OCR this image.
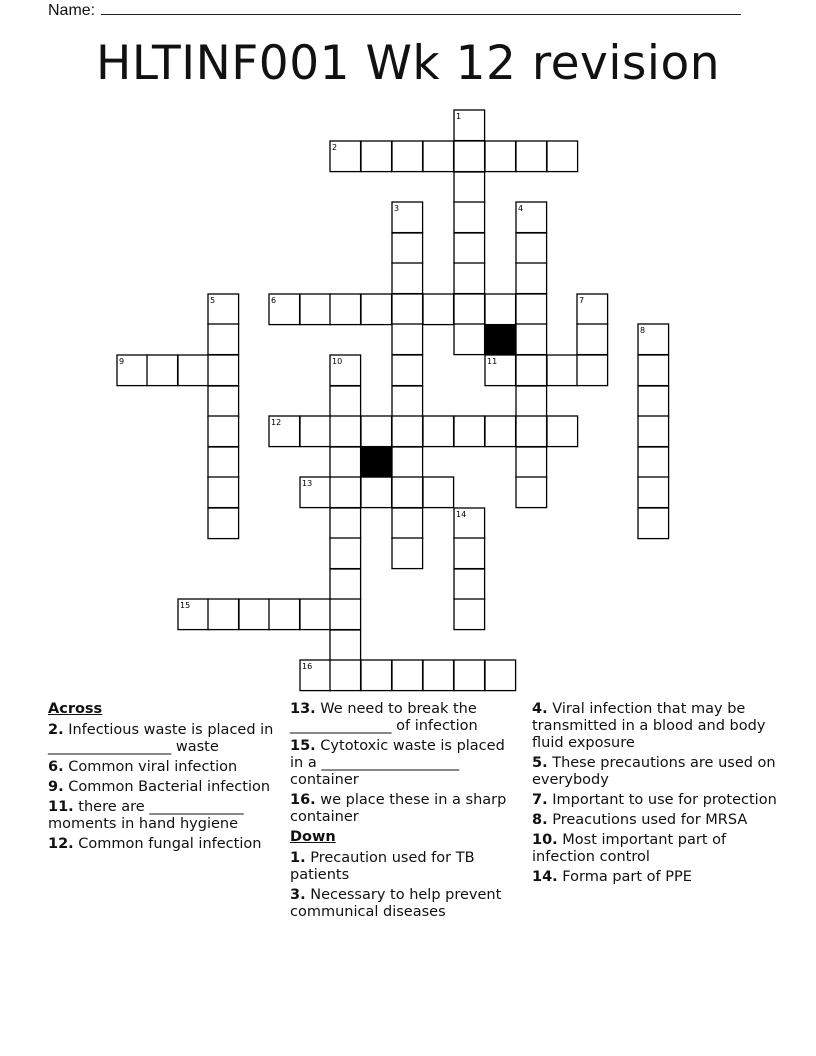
Name:
HLTINF001 Wk 12 revision
1
2
3	4
5	6	7
8
9	10	11
12
13
14
15
16
Across
2. Infectious waste is placed in _________________ waste
6. Common viral infection
9. Common Bacterial infection
11. there are _____________ moments in hand hygiene
12. Common fungal infection
13. We need to break the ______________ of infection
15. Cytotoxic waste is placed in a ___________________ container
16. we place these in a sharp container
Down
1. Precaution used for TB patients
3. Necessary to help prevent communical diseases
4. Viral infection that may be transmitted in a blood and body fluid exposure
5. These precautions are used on everybody
7. Important to use for protection
8. Preacutions used for MRSA
10. Most important part of infection control
14. Forma part of PPE
